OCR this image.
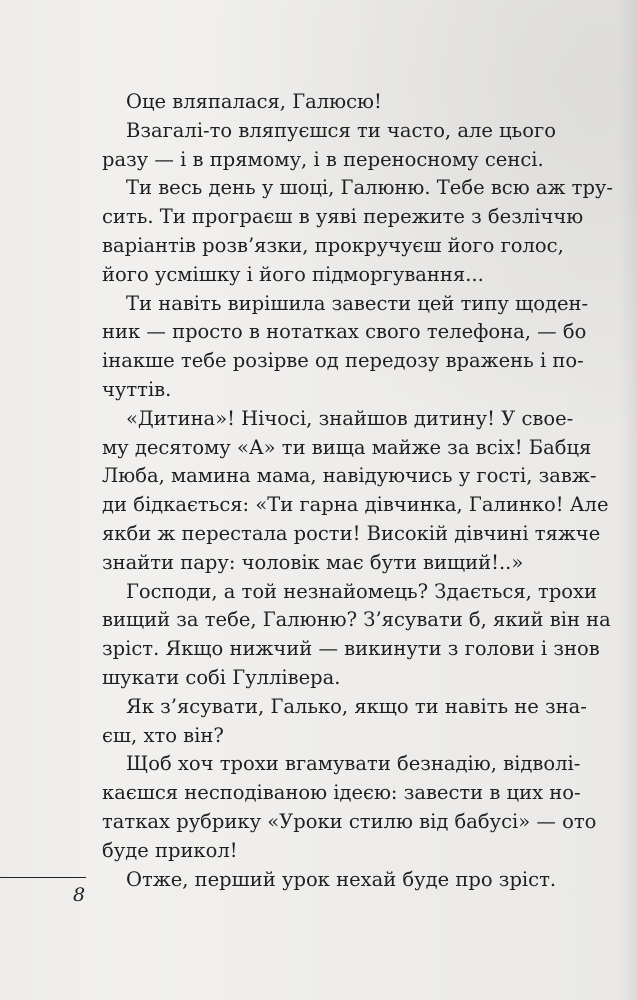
Оце вляпалася, Галюсю!

Взагалі-то вляпуєшся ти часто, але цього
разу — і в прямому, і в переносному сенсі.

Ти весь день у шоці, Галюню. Тебе всю аж тру-
сить. Ти програєш в уяві пережите з безліччю
варіантів розв’язки, прокручуєш його голос,
його усмішку і його підморгування...

Ти навіть вирішила завести цей типу щоден-
ник — просто в нотатках свого телефона, — бо
інакше тебе розірве од передозу вражень і по-
чуттів.

«Дитина»! Нічосі, знайшов дитину! У свое-
му десятому «А» ти вища майже за всіх! Бабця
Люба, мамина мама, навідуючись у гості, завж-
ди бідкається: «Ти гарна дівчинка, Галинко! Але
якби ж перестала рости! Високій дівчині тяжче
знайти пару: чоловік має бути вищий!..»

Господи, а той незнайомець? Здається, трохи
вищий за тебе, Галюню? З’ясувати б, який він на
зріст. Якщо нижчий — викинути з голови і знов
шукати собі Гуллівера.

Як з’ясувати, Галько, якщо ти навіть не зна-
єш, хто він?

Щоб хоч трохи вгамувати безнадію, відволі-
каєшся несподіваною ідеєю: завести в цих но-
татках рубрику «Уроки стилю від бабусі» — ото
буде прикол!

Отже, перший урок нехай буде про зріст.

8
